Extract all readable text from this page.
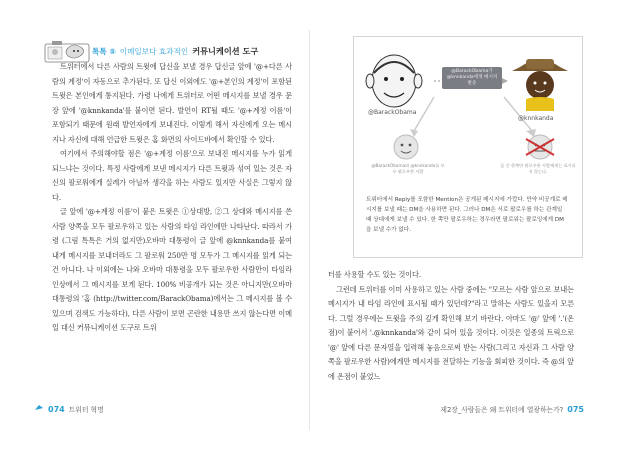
톡톡 ⑤ 이메일보다 효과적인 커뮤니케이션 도구

트위터에서 다른 사람의 트윗에 답신을 보낼 경우 답신글 앞에 '@+다른 사람의 계정'이 자동으로 추가된다. 또 답신 이외에도 '@+본인의 계정'이 포함된 트윗은 본인에게 통지된다. 가령 나에게 트위터로 어떤 메시지를 보낼 경우 문장 앞에 '@knnkanda'를 붙이면 된다. 발언이 RT될 때도 '@+계정 이름'이 포함되기 때문에 원래 발언자에게 보내진다. 이렇게 해서 자신에게 오는 메시지나 자신에 대해 언급한 트윗은 홈 화면의 사이드바에서 확인할 수 있다.

여기에서 주의해야할 점은 '@+계정 이름'으로 보내진 메시지를 누가 읽게 되느냐는 것이다. 특정 사람에게 보낸 메시지가 다른 트윗과 섞여 있는 것은 자신의 팔로워에게 실례가 아닐까 생각을 하는 사람도 있지만 사실은 그렇지 않다.

글 앞에 '@+계정 이름'이 붙은 트윗은 ①상대방, ②그 상대와 메시지를 쓴 사람 양쪽을 모두 팔로우하고 있는 사람의 타임 라인에만 나타난다. 따라서 가령 (그림 톡톡은 거의 없지만)오바마 대통령이 글 앞에 @knnkanda를 붙여 내게 메시지를 보내더라도 그 팔로워 250만 명 모두가 그 메시지를 읽게 되는 건 아니다. 나 이외에는 나와 오바마 대통령을 모두 팔로우한 사람만이 타임라인상에서 그 메시지를 보게 된다. 100% 비공개가 되는 것은 아니지만(오바마 대통령의 '홈 (http://twitter.com/BarackObama)에서는 그 메시지를 볼 수 있으며 검색도 가능하다), 다른 사람이 보면 곤란한 내용만 쓰지 않는다면 이메일 대신 커뮤니케이션 도구로 트위

074 트위터 혁명
@BarackObama
@knnkanda
@BarackObama가 @knnkanda에게 메시지 발송
@BarackObama와 @knnkanda를 모두 팔로우한 사람
둘 중 한쪽만 팔로우한 사람에게는 표시되지 않는다.
트위터에서 Reply를 포함한 Mention은 공개된 메시지에 가깝다. 만약 비공개로 메시지를 보낼 때는 DM을 사용하면 된다. 그러나 DM은 서로 팔로우를 하는 관계일 때 상대에게 보낼 수 있다. 한 쪽만 팔로우하는 경우라면 팔로워는 팔로잉에게 DM을 보낼 수가 없다.

터를 사용할 수도 있는 것이다.

그런데 트위터를 이미 사용하고 있는 사람 중에는 "모르는 사람 앞으로 보내는 메시지가 내 타임 라인에 표시될 때가 있던데?"라고 말하는 사람도 있을지 모른다. 그럴 경우에는 트윗을 주의 깊게 확인해 보기 바란다. 아마도 '@' 앞에 '.'(온점)이 붙어서 '.@knnkanda'와 같이 되어 있을 것이다. 이것은 일종의 트릭으로 '@' 앞에 다른 문자열을 입력해 놓음으로써 받는 사람(그리고 자신과 그 사람 양쪽을 팔로우한 사람)에게만 메시지를 전달하는 기능을 회피한 것이다. 즉 @의 앞에 온점이 붙었느

제2장_사람들은 왜 트위터에 열광하는가? 075
